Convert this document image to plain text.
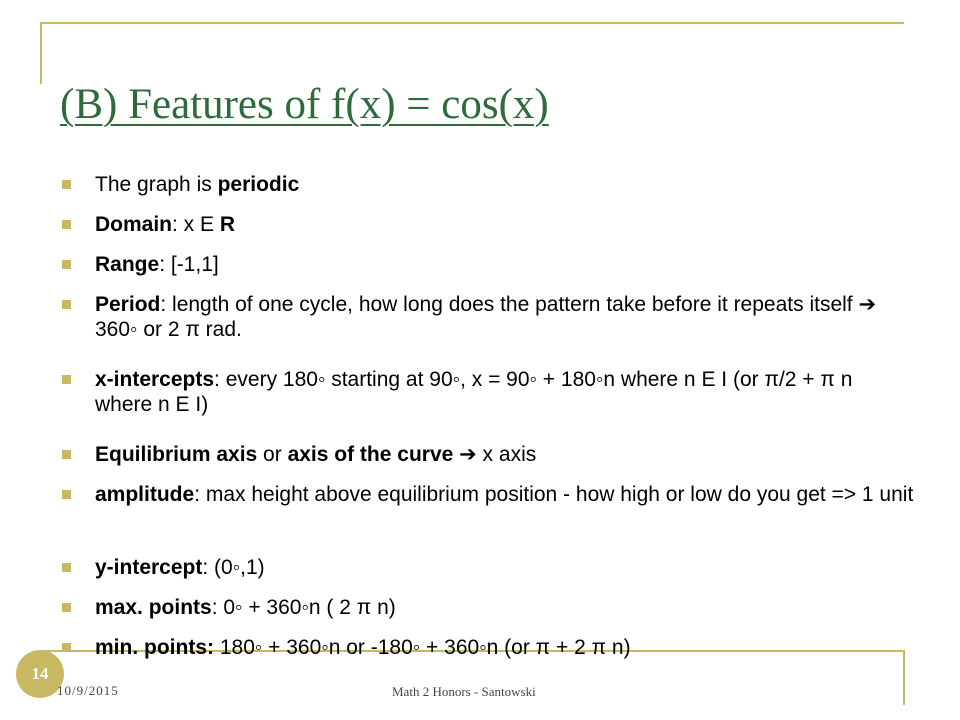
(B) Features of f(x) = cos(x)
The graph is periodic
Domain: x E R
Range: [-1,1]
Period: length of one cycle, how long does the pattern take before it repeats itself ➔ 360◦ or 2 π rad.
x-intercepts: every 180◦ starting at 90◦, x = 90◦ + 180◦n where n E I (or π/2 + π n where n E I)
Equilibrium axis or axis of the curve ➔ x axis
amplitude: max height above equilibrium position - how high or low do you get => 1 unit
y-intercept: (0◦,1)
max. points: 0◦ + 360◦n ( 2 π n)
min. points: 180◦ + 360◦n or -180◦ + 360◦n (or π + 2 π n)
14
10/9/2015	Math 2 Honors - Santowski
